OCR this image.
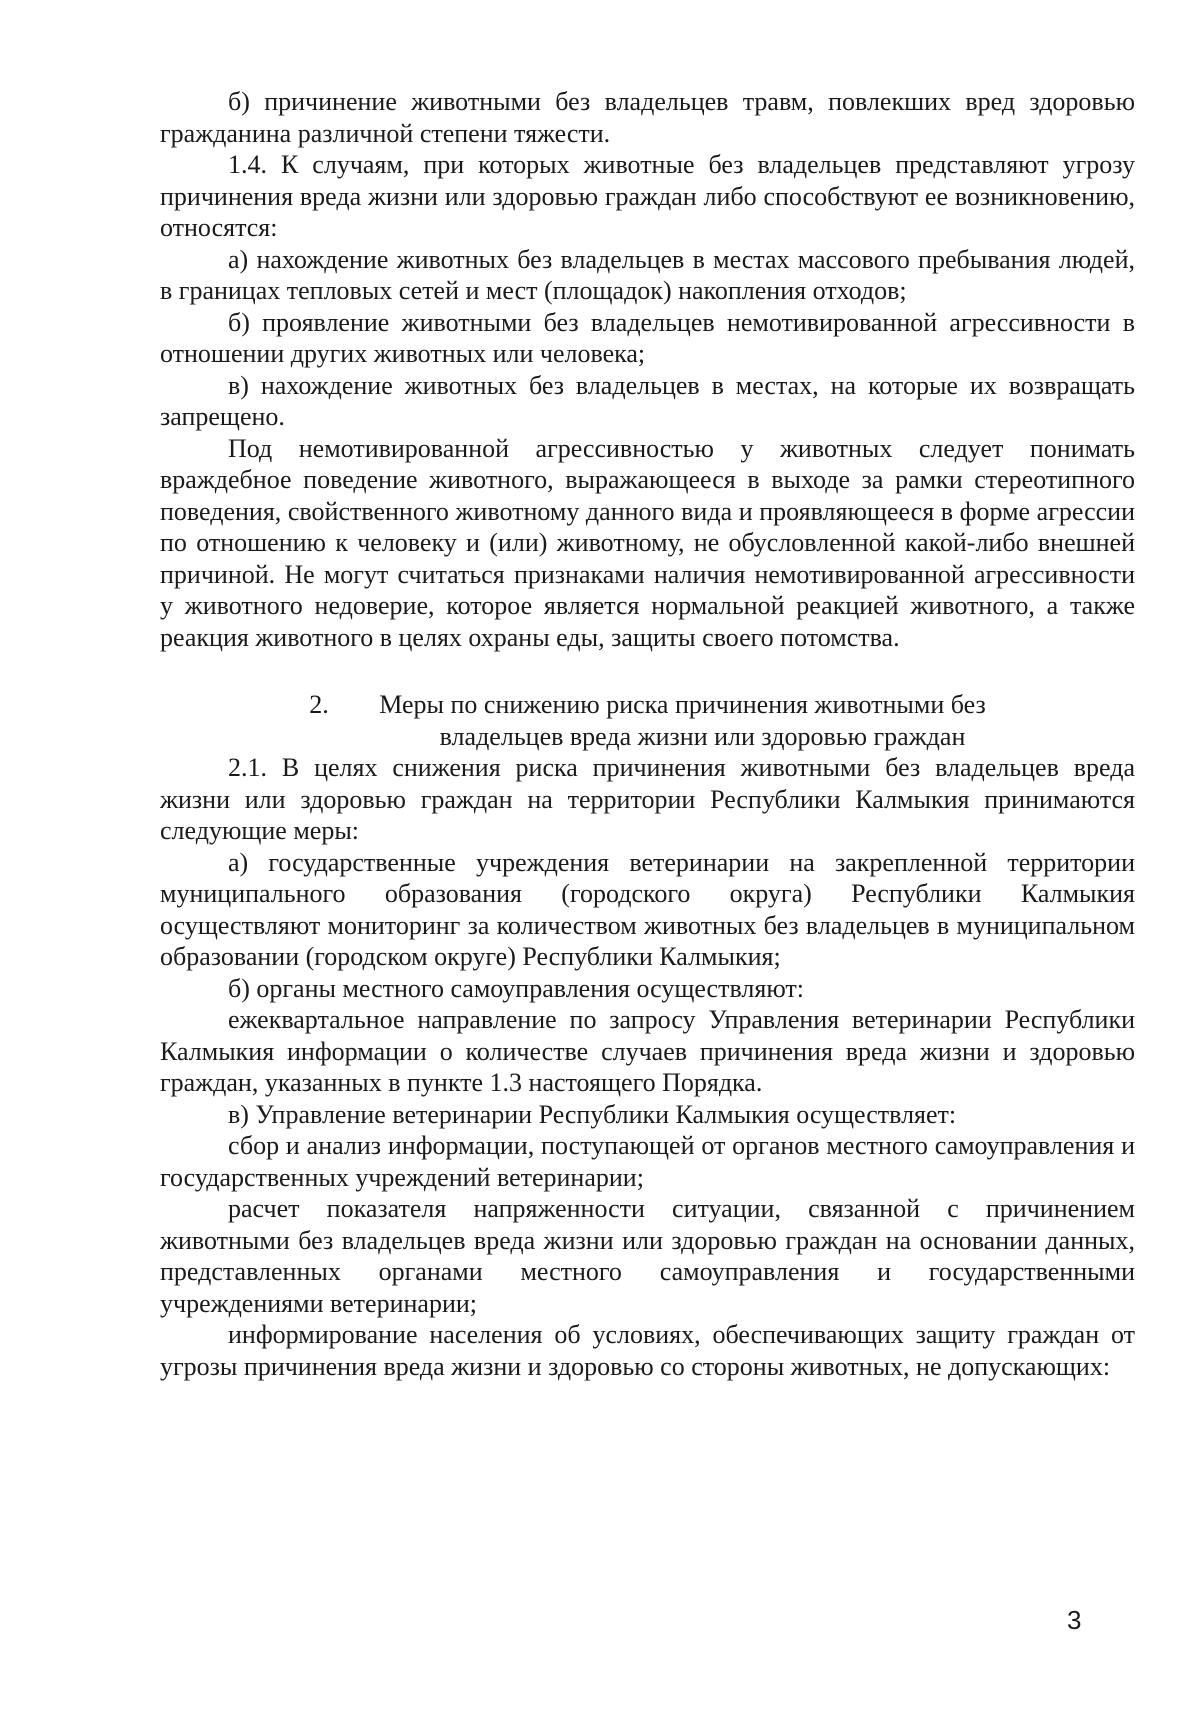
б) причинение животными без владельцев травм, повлекших вред здоровью гражданина различной степени тяжести.

1.4. К случаям, при которых животные без владельцев представляют угрозу причинения вреда жизни или здоровью граждан либо способствуют ее возникновению, относятся:

а) нахождение животных без владельцев в местах массового пребывания людей, в границах тепловых сетей и мест (площадок) накопления отходов;

б) проявление животными без владельцев немотивированной агрессивности в отношении других животных или человека;

в) нахождение животных без владельцев в местах, на которые их возвращать запрещено.

Под немотивированной агрессивностью у животных следует понимать враждебное поведение животного, выражающееся в выходе за рамки стереотипного поведения, свойственного животному данного вида и проявляющееся в форме агрессии по отношению к человеку и (или) животному, не обусловленной какой-либо внешней причиной. Не могут считаться признаками наличия немотивированной агрессивности у животного недоверие, которое является нормальной реакцией животного, а также реакция животного в целях охраны еды, защиты своего потомства.

2. Меры по снижению риска причинения животными без

владельцев вреда жизни или здоровью граждан

2.1. В целях снижения риска причинения животными без владельцев вреда жизни или здоровью граждан на территории Республики Калмыкия принимаются следующие меры:

а) государственные учреждения ветеринарии на закрепленной территории муниципального образования (городского округа) Республики Калмыкия осуществляют мониторинг за количеством животных без владельцев в муниципальном образовании (городском округе) Республики Калмыкия;

б) органы местного самоуправления осуществляют:

ежеквартальное направление по запросу Управления ветеринарии Республики Калмыкия информации о количестве случаев причинения вреда жизни и здоровью граждан, указанных в пункте 1.3 настоящего Порядка.

в) Управление ветеринарии Республики Калмыкия осуществляет:

сбор и анализ информации, поступающей от органов местного самоуправления и государственных учреждений ветеринарии;

расчет показателя напряженности ситуации, связанной с причинением животными без владельцев вреда жизни или здоровью граждан на основании данных, представленных органами местного самоуправления и государственными учреждениями ветеринарии;

информирование населения об условиях, обеспечивающих защиту граждан от угрозы причинения вреда жизни и здоровью со стороны животных, не допускающих:

3
